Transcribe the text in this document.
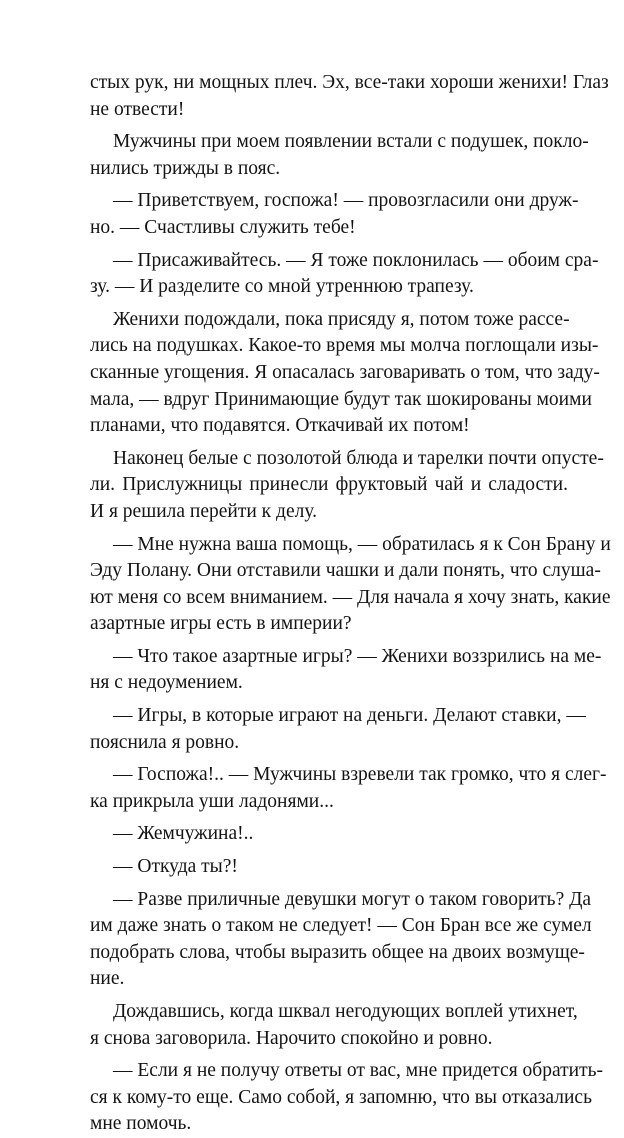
стых рук, ни мощных плеч. Эх, все-таки хороши женихи! Глаз
не отвести!
Мужчины при моем появлении встали с подушек, покло-
нились трижды в пояс.
— Приветствуем, госпожа! — провозгласили они друж-
но. — Счастливы служить тебе!
— Присаживайтесь. — Я тоже поклонилась — обоим сра-
зу. — И разделите со мной утреннюю трапезу.
Женихи подождали, пока присяду я, потом тоже рассе-
лись на подушках. Какое-то время мы молча поглощали изы-
сканные угощения. Я опасалась заговаривать о том, что заду-
мала, — вдруг Принимающие будут так шокированы моими
планами, что подавятся. Откачивай их потом!
Наконец белые с позолотой блюда и тарелки почти опусте-
ли. Прислужницы принесли фруктовый чай и сладости.
И я решила перейти к делу.
— Мне нужна ваша помощь, — обратилась я к Сон Брану и
Эду Полану. Они отставили чашки и дали понять, что слуша-
ют меня со всем вниманием. — Для начала я хочу знать, какие
азартные игры есть в империи?
— Что такое азартные игры? — Женихи воззрились на ме-
ня с недоумением.
— Игры, в которые играют на деньги. Делают ставки, —
пояснила я ровно.
— Госпожа!.. — Мужчины взревели так громко, что я слег-
ка прикрыла уши ладонями...
— Жемчужина!..
— Откуда ты?!
— Разве приличные девушки могут о таком говорить? Да
им даже знать о таком не следует! — Сон Бран все же сумел
подобрать слова, чтобы выразить общее на двоих возмуще-
ние.
Дождавшись, когда шквал негодующих воплей утихнет,
я снова заговорила. Нарочито спокойно и ровно.
— Если я не получу ответы от вас, мне придется обратить-
ся к кому-то еще. Само собой, я запомню, что вы отказались
мне помочь.
